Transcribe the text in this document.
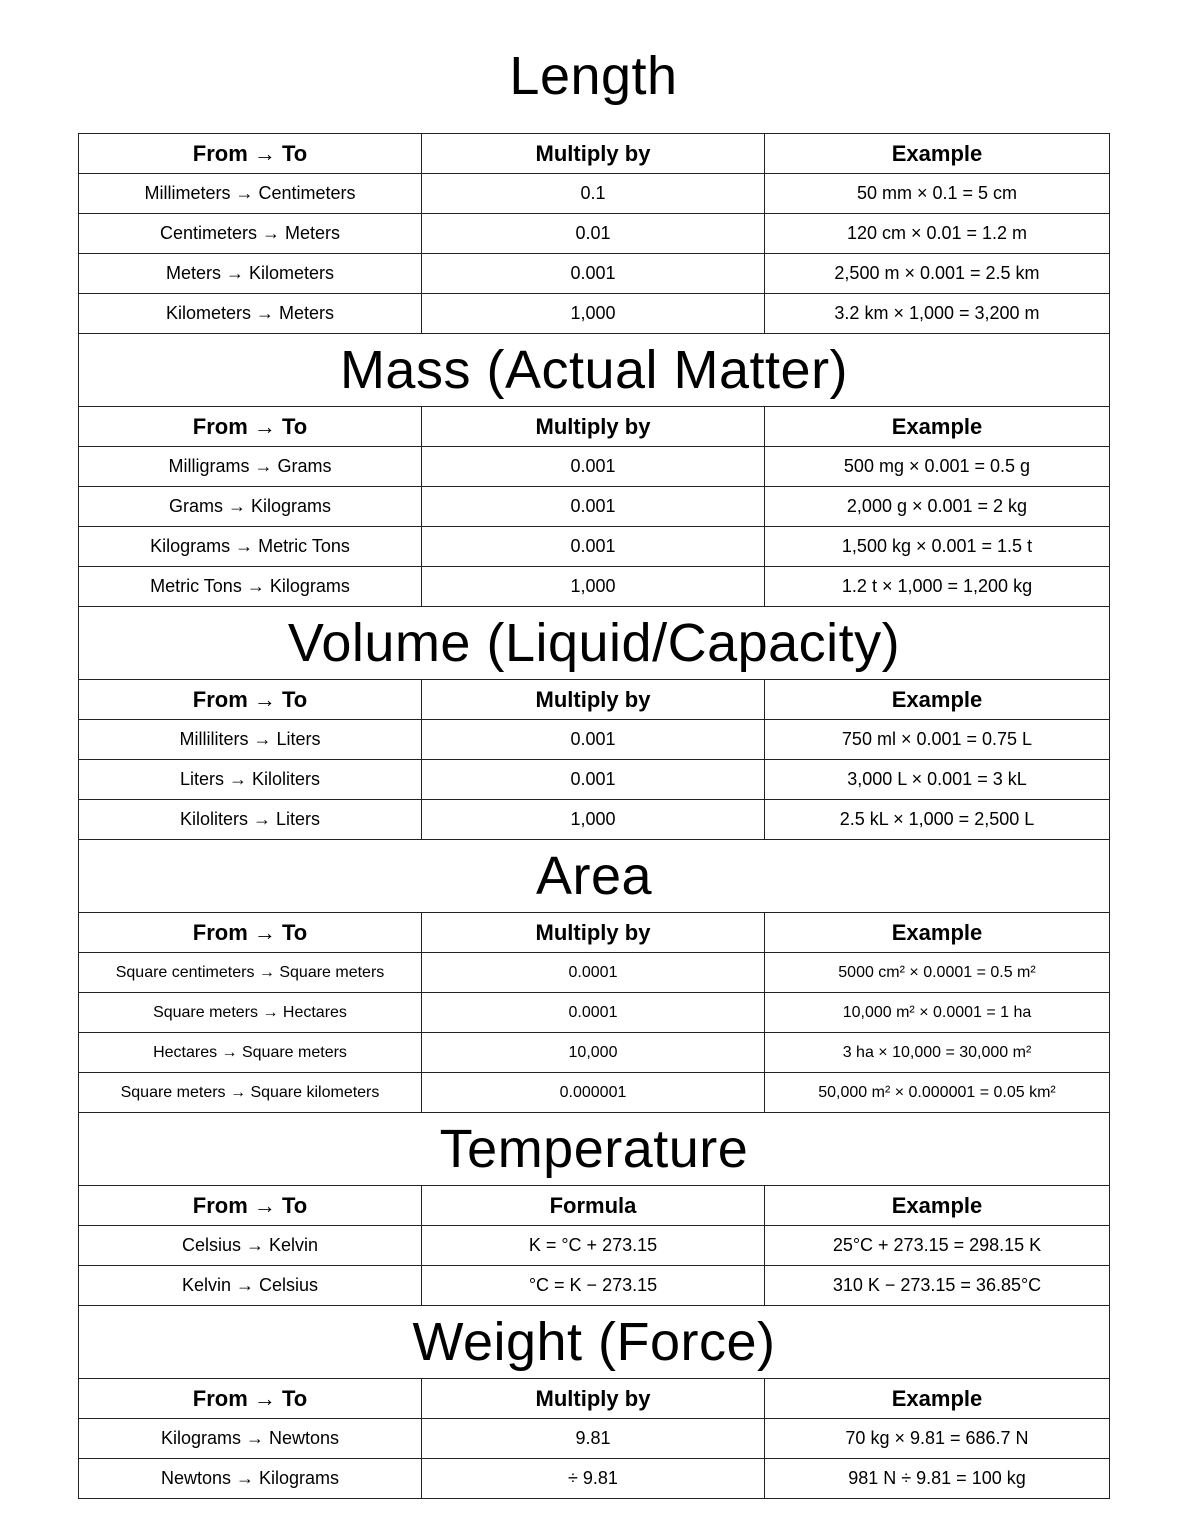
Length
From → To	Multiply by	Example
Millimeters → Centimeters	0.1	50 mm × 0.1 = 5 cm
Centimeters → Meters	0.01	120 cm × 0.01 = 1.2 m
Meters → Kilometers	0.001	2,500 m × 0.001 = 2.5 km
Kilometers → Meters	1,000	3.2 km × 1,000 = 3,200 m
Mass (Actual Matter)		
From → To	Multiply by	Example
Milligrams → Grams	0.001	500 mg × 0.001 = 0.5 g
Grams → Kilograms	0.001	2,000 g × 0.001 = 2 kg
Kilograms → Metric Tons	0.001	1,500 kg × 0.001 = 1.5 t
Metric Tons → Kilograms	1,000	1.2 t × 1,000 = 1,200 kg
Volume (Liquid/Capacity)		
From → To	Multiply by	Example
Milliliters → Liters	0.001	750 ml × 0.001 = 0.75 L
Liters → Kiloliters	0.001	3,000 L × 0.001 = 3 kL
Kiloliters → Liters	1,000	2.5 kL × 1,000 = 2,500 L
Area		
From → To	Multiply by	Example
Square centimeters → Square meters	0.0001	5000 cm² × 0.0001 = 0.5 m²
Square meters → Hectares	0.0001	10,000 m² × 0.0001 = 1 ha
Hectares → Square meters	10,000	3 ha × 10,000 = 30,000 m²
Square meters → Square kilometers	0.000001	50,000 m² × 0.000001 = 0.05 km²
Temperature		
From → To	Formula	Example
Celsius → Kelvin	K = °C + 273.15	25°C + 273.15 = 298.15 K
Kelvin → Celsius	°C = K − 273.15	310 K − 273.15 = 36.85°C
Weight (Force)		
From → To	Multiply by	Example
Kilograms → Newtons	9.81	70 kg × 9.81 = 686.7 N
Newtons → Kilograms	÷ 9.81	981 N ÷ 9.81 = 100 kg
